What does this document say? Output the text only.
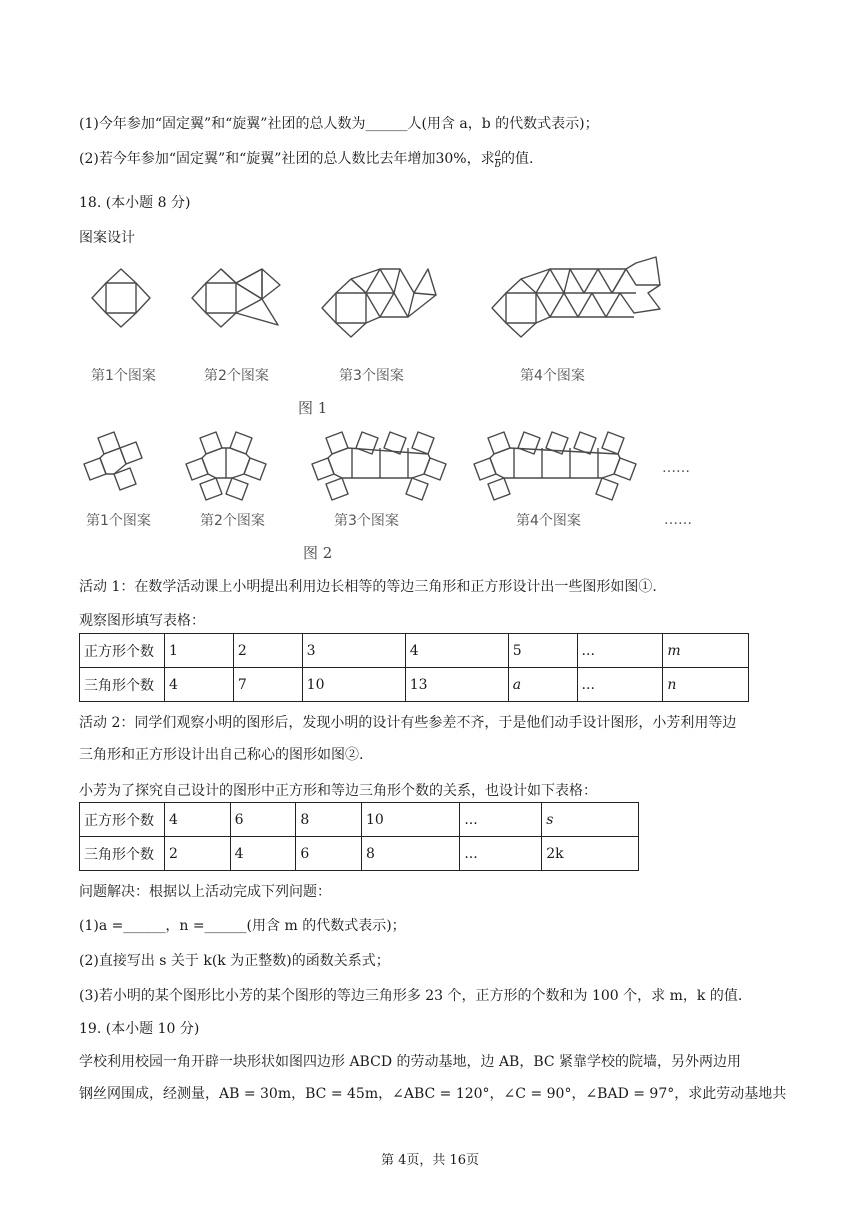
(1)今年参加“固定翼”和“旋翼”社团的总人数为______人(用含 a，b 的代数式表示)；
(2)若今年参加“固定翼”和“旋翼”社团的总人数比去年增加30%，求 $\frac{a}{b}$ 的值.
18. (本小题 8 分)
图案设计
第1个图案	第2个图案	第3个图案	第4个图案
图 1
……
第1个图案	第2个图案	第3个图案	第4个图案	……
图 2
活动 1：在数学活动课上小明提出利用边长相等的等边三角形和正方形设计出一些图形如图①.
观察图形填写表格：
正方形个数	1	2	3	4	5	...	m
三角形个数	4	7	10	13	a	...	n
活动 2：同学们观察小明的图形后，发现小明的设计有些参差不齐，于是他们动手设计图形，小芳利用等边
三角形和正方形设计出自己称心的图形如图②.
小芳为了探究自己设计的图形中正方形和等边三角形个数的关系，也设计如下表格：
正方形个数	4	6	8	10	...	s
三角形个数	2	4	6	8	...	2k
问题解决：根据以上活动完成下列问题：
(1)a =______，n =______(用含 m 的代数式表示)；
(2)直接写出 s 关于 k(k 为正整数)的函数关系式；
(3)若小明的某个图形比小芳的某个图形的等边三角形多 23 个，正方形的个数和为 100 个，求 m，k 的值.
19. (本小题 10 分)
学校利用校园一角开辟一块形状如图四边形 ABCD 的劳动基地，边 AB，BC 紧靠学校的院墙，另外两边用
钢丝网围成，经测量，AB = 30m，BC = 45m，∠ABC = 120°，∠C = 90°，∠BAD = 97°，求此劳动基地共
第 4页，共 16页
